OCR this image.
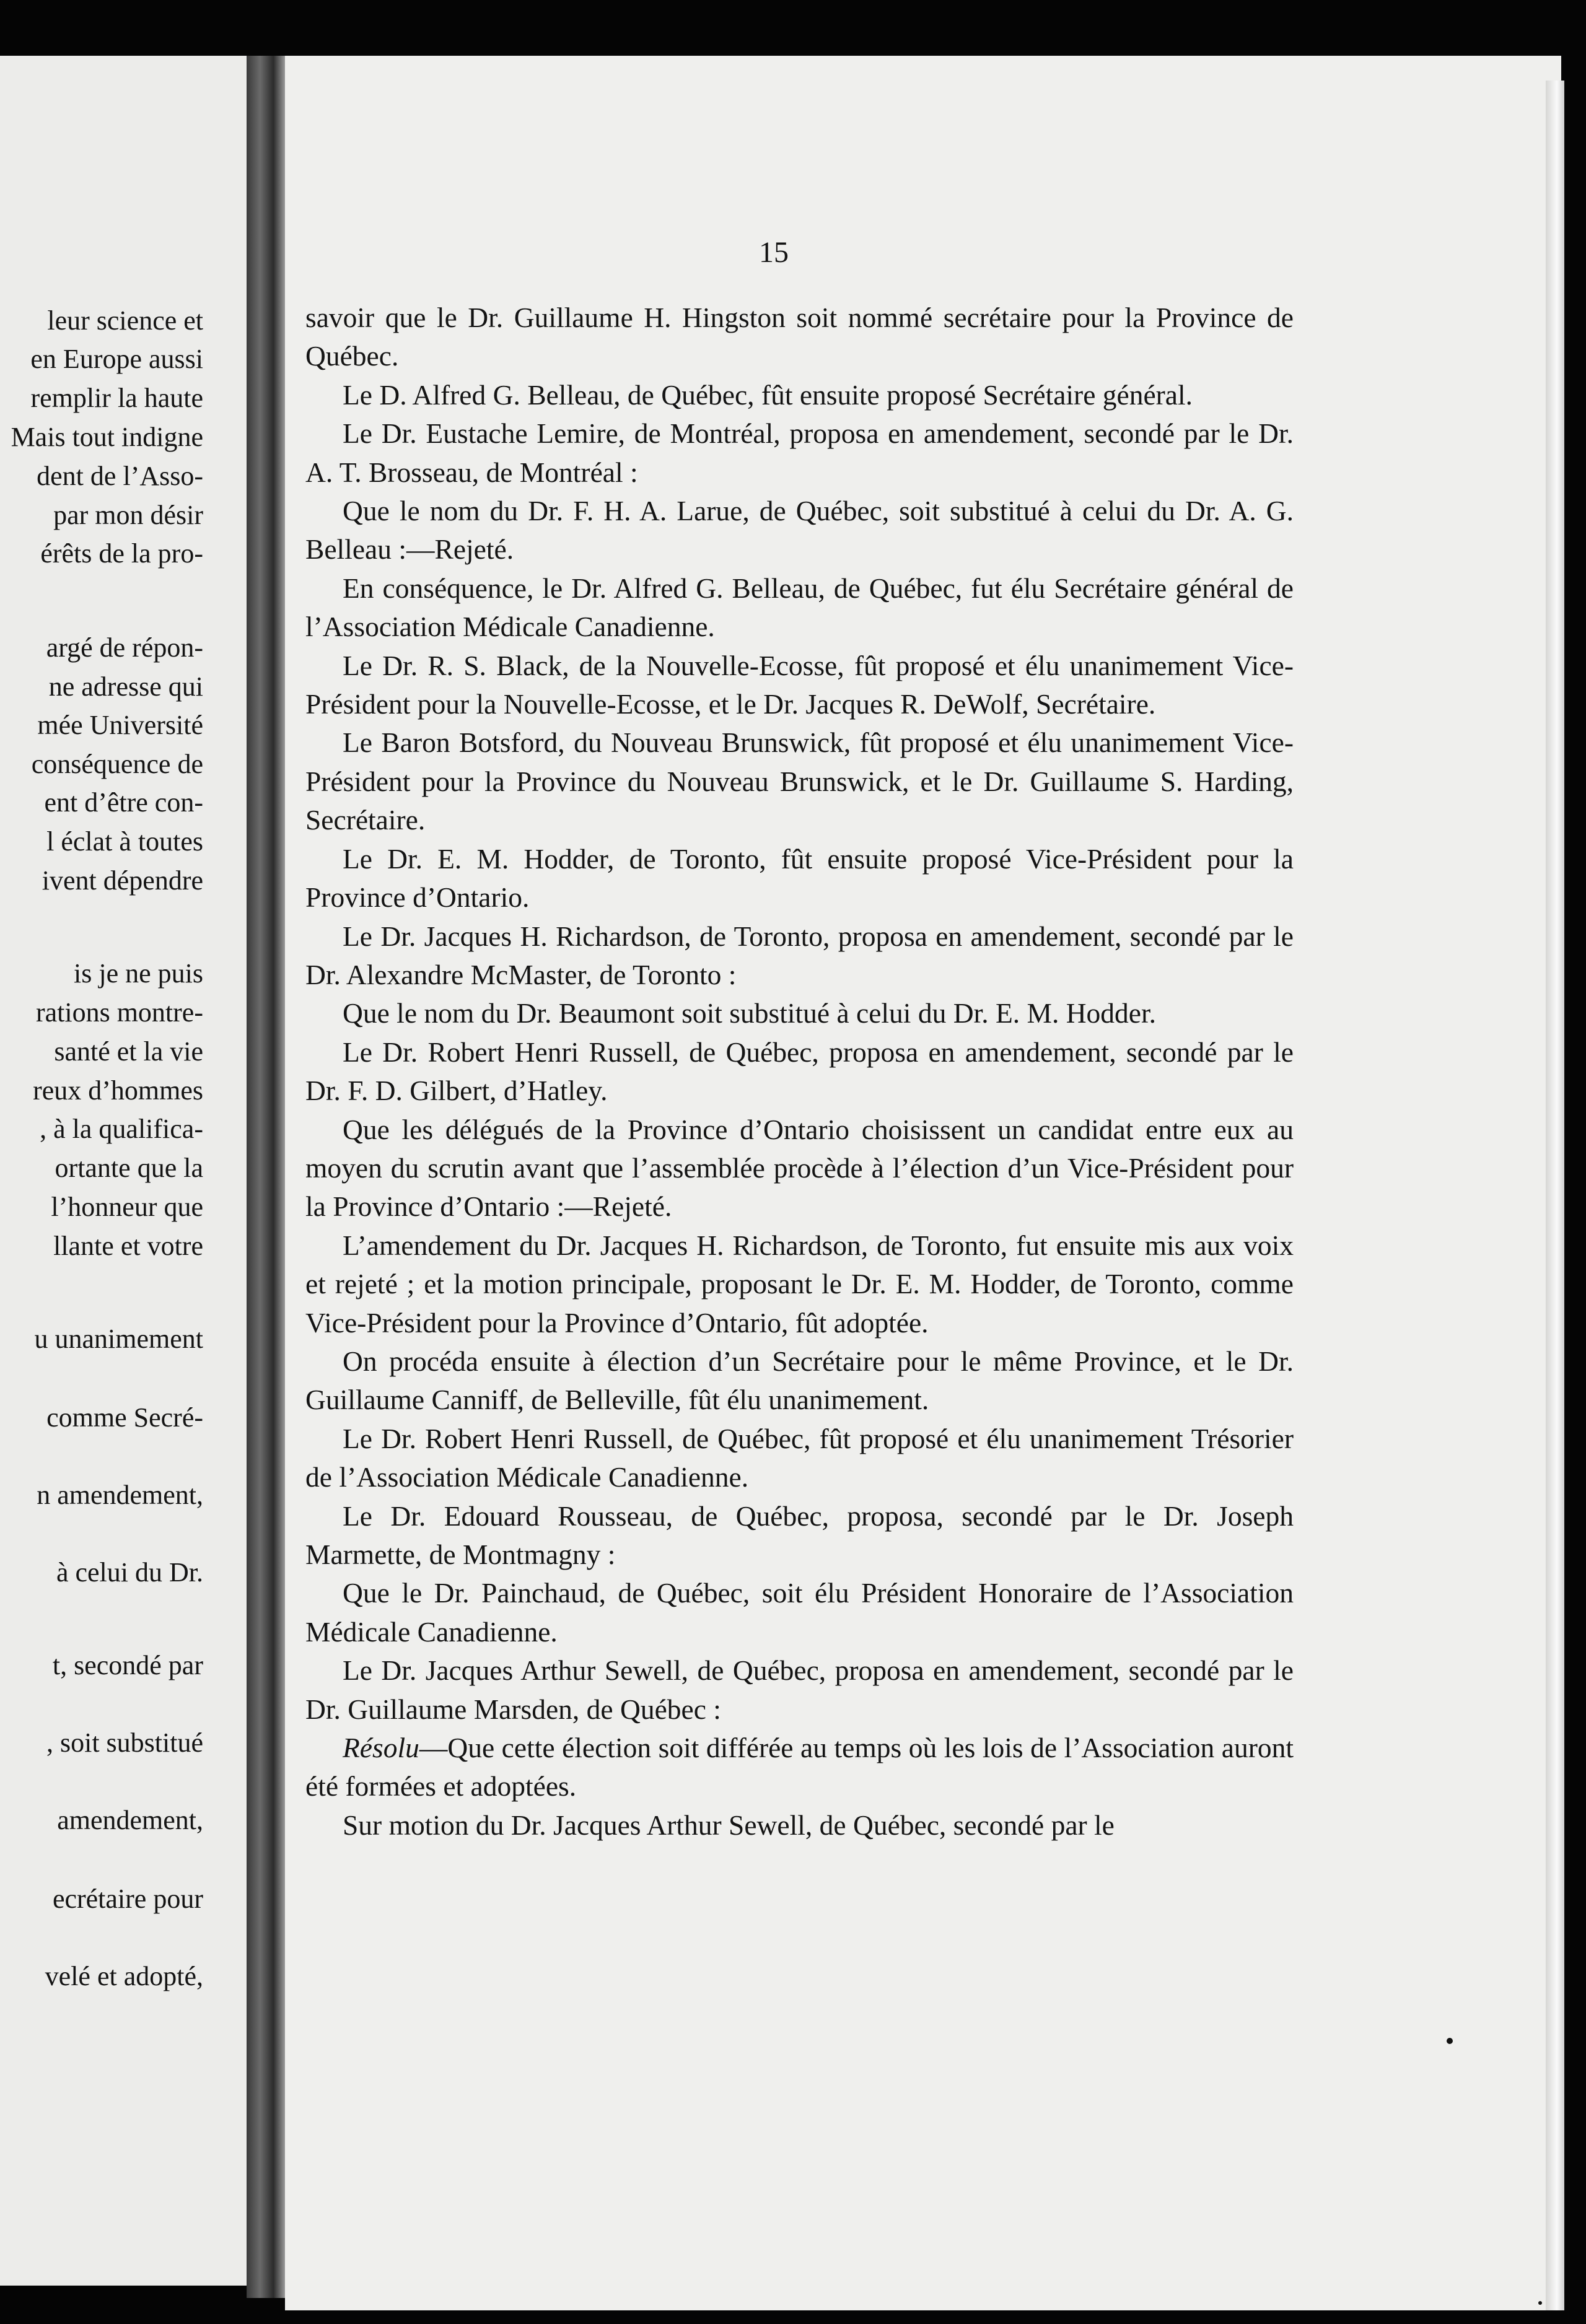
leur science et
en Europe aussi
remplir la haute
Mais tout indigne
dent de l’Asso-
par mon désir
érêts de la pro-
argé de répon-
ne adresse qui
mée Université
conséquence de
ent d’être con-
l éclat à toutes
ivent dépendre
is je ne puis
rations montre-
santé et la vie
reux d’hommes
, à la qualifica-
ortante que la
l’honneur que
llante et votre
u unanimement
comme Secré-
n amendement,
à celui du Dr.
t, secondé par
, soit substitué
amendement,
ecrétaire pour
velé et adopté,
15

savoir que le Dr. Guillaume H. Hingston soit nommé secrétaire pour la Province de Québec.

Le D. Alfred G. Belleau, de Québec, fût ensuite proposé Secrétaire général.

Le Dr. Eustache Lemire, de Montréal, proposa en amendement, secondé par le Dr. A. T. Brosseau, de Montréal :

Que le nom du Dr. F. H. A. Larue, de Québec, soit substitué à celui du Dr. A. G. Belleau :—Rejeté.

En conséquence, le Dr. Alfred G. Belleau, de Québec, fut élu Secrétaire général de l’Association Médicale Canadienne.

Le Dr. R. S. Black, de la Nouvelle-Ecosse, fût proposé et élu unanimement Vice-Président pour la Nouvelle-Ecosse, et le Dr. Jacques R. DeWolf, Secrétaire.

Le Baron Botsford, du Nouveau Brunswick, fût proposé et élu unanimement Vice-Président pour la Province du Nouveau Brunswick, et le Dr. Guillaume S. Harding, Secrétaire.

Le Dr. E. M. Hodder, de Toronto, fût ensuite proposé Vice-Président pour la Province d’Ontario.

Le Dr. Jacques H. Richardson, de Toronto, proposa en amendement, secondé par le Dr. Alexandre McMaster, de Toronto :

Que le nom du Dr. Beaumont soit substitué à celui du Dr. E. M. Hodder.

Le Dr. Robert Henri Russell, de Québec, proposa en amendement, secondé par le Dr. F. D. Gilbert, d’Hatley.

Que les délégués de la Province d’Ontario choisissent un candidat entre eux au moyen du scrutin avant que l’assemblée procède à l’élection d’un Vice-Président pour la Province d’Ontario :—Rejeté.

L’amendement du Dr. Jacques H. Richardson, de Toronto, fut ensuite mis aux voix et rejeté ; et la motion principale, proposant le Dr. E. M. Hodder, de Toronto, comme Vice-Président pour la Province d’Ontario, fût adoptée.

On procéda ensuite à élection d’un Secrétaire pour le même Province, et le Dr. Guillaume Canniff, de Belleville, fût élu unanimement.

Le Dr. Robert Henri Russell, de Québec, fût proposé et élu unanimement Trésorier de l’Association Médicale Canadienne.

Le Dr. Edouard Rousseau, de Québec, proposa, secondé par le Dr. Joseph Marmette, de Montmagny :

Que le Dr. Painchaud, de Québec, soit élu Président Honoraire de l’Association Médicale Canadienne.

Le Dr. Jacques Arthur Sewell, de Québec, proposa en amendement, secondé par le Dr. Guillaume Marsden, de Québec :

Résolu—Que cette élection soit différée au temps où les lois de l’Association auront été formées et adoptées.

Sur motion du Dr. Jacques Arthur Sewell, de Québec, secondé par le
